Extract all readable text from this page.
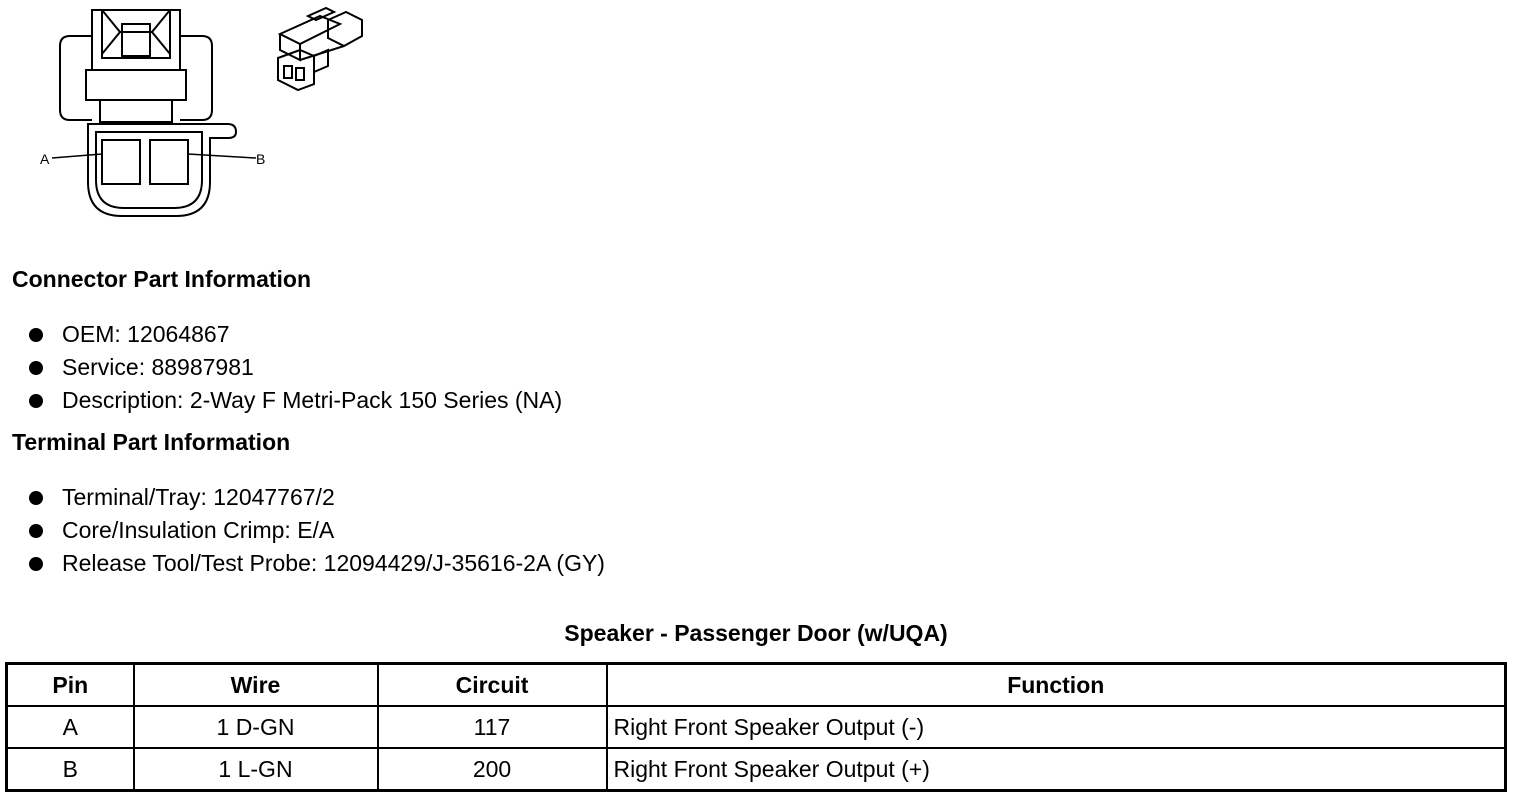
A	B
Connector Part Information
OEM: 12064867
Service: 88987981
Description: 2-Way F Metri-Pack 150 Series (NA)
Terminal Part Information
Terminal/Tray: 12047767/2
Core/Insulation Crimp: E/A
Release Tool/Test Probe: 12094429/J-35616-2A (GY)
Speaker - Passenger Door (w/UQA)
Pin	Wire	Circuit	Function
A	1 D-GN	117	Right Front Speaker Output (-)
B	1 L-GN	200	Right Front Speaker Output (+)
